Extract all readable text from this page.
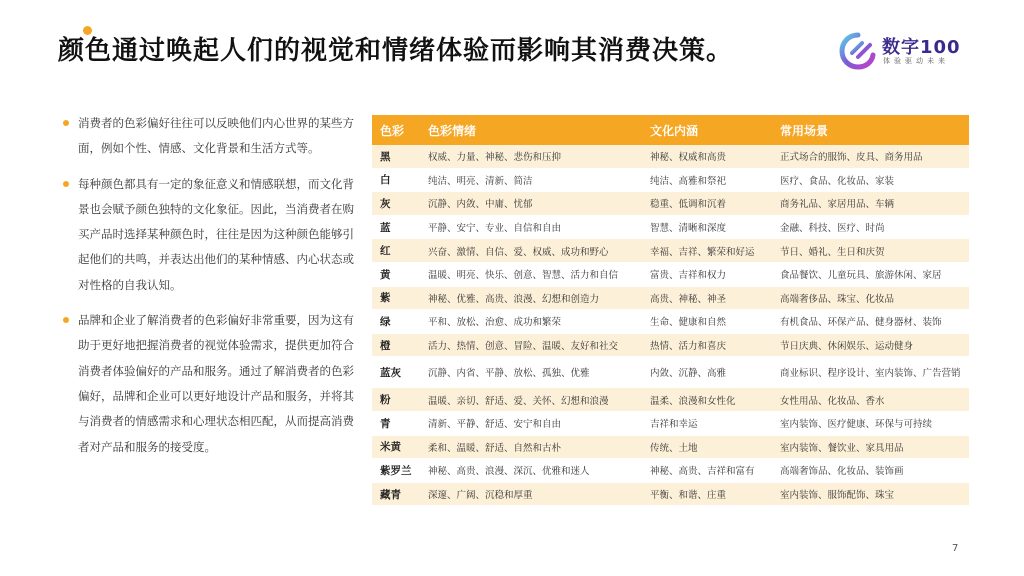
颜色通过唤起人们的视觉和情绪体验而影响其消费决策。	数字100
体验驱动未来
消费者的色彩偏好往往可以反映他们内心世界的某些方面，例如个性、情感、文化背景和生活方式等。
每种颜色都具有一定的象征意义和情感联想，而文化背景也会赋予颜色独特的文化象征。因此，当消费者在购买产品时选择某种颜色时，往往是因为这种颜色能够引起他们的共鸣，并表达出他们的某种情感、内心状态或对性格的自我认知。
品牌和企业了解消费者的色彩偏好非常重要，因为这有助于更好地把握消费者的视觉体验需求，提供更加符合消费者体验偏好的产品和服务。通过了解消费者的色彩偏好，品牌和企业可以更好地设计产品和服务，并将其与消费者的情感需求和心理状态相匹配，从而提高消费者对产品和服务的接受度。
色彩	色彩情绪	文化内涵	常用场景
黑	权威、力量、神秘、悲伤和压抑	神秘、权威和高贵	正式场合的服饰、皮具、商务用品
白	纯洁、明亮、清新、简洁	纯洁、高雅和祭祀	医疗、食品、化妆品、家装
灰	沉静、内敛、中庸、忧郁	稳重、低调和沉着	商务礼品、家居用品、车辆
蓝	平静、安宁、专业、自信和自由	智慧、清晰和深度	金融、科技、医疗、时尚
红	兴奋、激情、自信、爱、权威、成功和野心	幸福、吉祥、繁荣和好运	节日、婚礼、生日和庆贺
黄	温暖、明亮、快乐、创意、智慧、活力和自信	富贵、吉祥和权力	食品餐饮、儿童玩具、旅游休闲、家居
紫	神秘、优雅、高贵、浪漫、幻想和创造力	高贵、神秘、神圣	高端奢侈品、珠宝、化妆品
绿	平和、放松、治愈、成功和繁荣	生命、健康和自然	有机食品、环保产品、健身器材、装饰
橙	活力、热情、创意、冒险、温暖、友好和社交	热情、活力和喜庆	节日庆典、休闲娱乐、运动健身
蓝灰	沉静、内省、平静、放松、孤独、优雅	内敛、沉静、高雅	商业标识、程序设计、室内装饰、广告营销
粉	温暖、亲切、舒适、爱、关怀、幻想和浪漫	温柔、浪漫和女性化	女性用品、化妆品、香水
青	清新、平静、舒适、安宁和自由	吉祥和幸运	室内装饰、医疗健康、环保与可持续
米黄	柔和、温暖、舒适、自然和古朴	传统、土地	室内装饰、餐饮业、家具用品
紫罗兰	神秘、高贵、浪漫、深沉、优雅和迷人	神秘、高贵、吉祥和富有	高端奢饰品、化妆品、装饰画
藏青	深邃、广阔、沉稳和厚重	平衡、和谐、庄重	室内装饰、服饰配饰、珠宝
7
